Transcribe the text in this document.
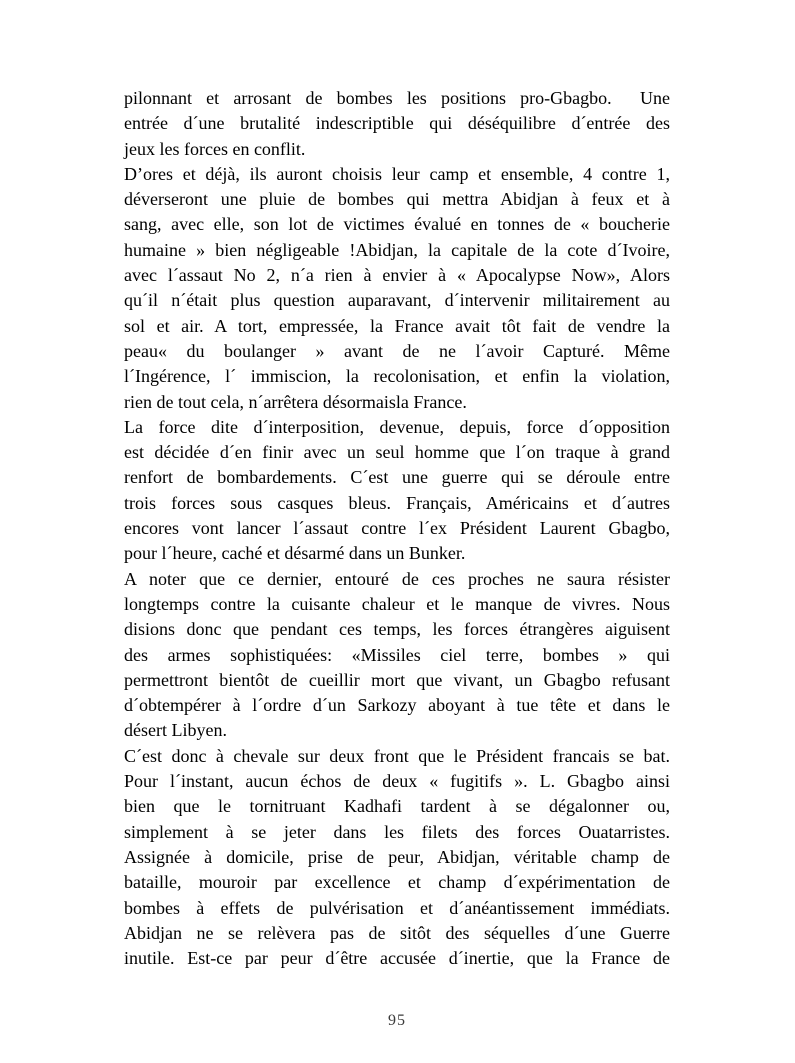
pilonnant et arrosant de bombes les positions pro-Gbagbo.  Une
entrée d´une brutalité indescriptible qui déséquilibre d´entrée des
jeux les forces en conflit.
D’ores et déjà, ils auront choisis leur camp et ensemble, 4 contre 1,
déverseront une pluie de bombes qui mettra Abidjan à feux et à
sang, avec elle, son lot de victimes évalué en tonnes de « boucherie
humaine » bien négligeable !Abidjan, la capitale de la cote d´Ivoire,
avec l´assaut No 2, n´a rien à envier à « Apocalypse Now», Alors
qu´il n´était plus question auparavant, d´intervenir militairement au
sol et air. A tort, empressée, la France avait tôt fait de vendre la
peau« du boulanger » avant de ne l´avoir Capturé. Même
l´Ingérence, l´ immiscion, la recolonisation, et enfin la violation,
rien de tout cela, n´arrêtera désormaisla France.
La force dite d´interposition, devenue, depuis, force d´opposition
est décidée d´en finir avec un seul homme que l´on traque à grand
renfort de bombardements. C´est une guerre qui se déroule entre
trois forces sous casques bleus. Français, Américains et d´autres
encores vont lancer l´assaut contre l´ex Président Laurent Gbagbo,
pour l´heure, caché et désarmé dans un Bunker.
A noter que ce dernier, entouré de ces proches ne saura résister
longtemps contre la cuisante chaleur et le manque de vivres. Nous
disions donc que pendant ces temps, les forces étrangères aiguisent
des armes sophistiquées: «Missiles ciel terre, bombes » qui
permettront bientôt de cueillir mort que vivant, un Gbagbo refusant
d´obtempérer à l´ordre d´un Sarkozy aboyant à tue tête et dans le
désert Libyen.
C´est donc à chevale sur deux front que le Président francais se bat.
Pour l´instant, aucun échos de deux « fugitifs ». L. Gbagbo ainsi
bien que le tornitruant Kadhafi tardent à se dégalonner ou,
simplement à se jeter dans les filets des forces Ouatarristes.
Assignée à domicile, prise de peur, Abidjan, véritable champ de
bataille, mouroir par excellence et champ d´expérimentation de
bombes à effets de pulvérisation et d´anéantissement immédiats.
Abidjan ne se relèvera pas de sitôt des séquelles d´une Guerre
inutile. Est-ce par peur d´être accusée d´inertie, que la France de
95
